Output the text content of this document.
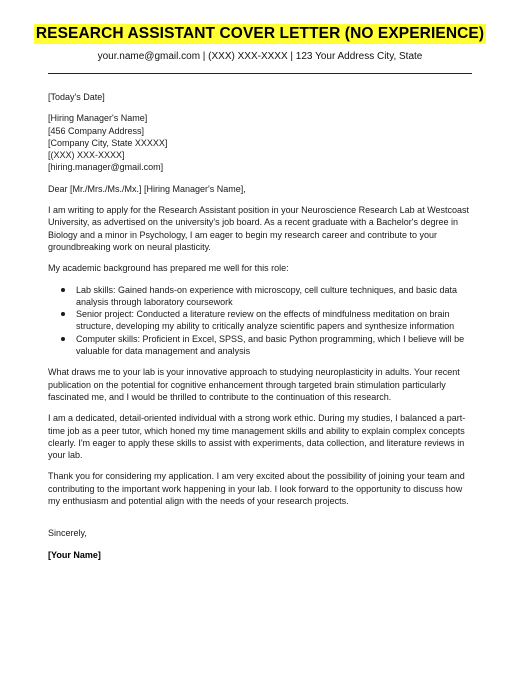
RESEARCH ASSISTANT COVER LETTER (NO EXPERIENCE)
your.name@gmail.com | (XXX) XXX-XXXX | 123 Your Address City, State

[Today's Date]

[Hiring Manager's Name]
[456 Company Address]
[Company City, State XXXXX]
[(XXX) XXX-XXXX]
[hiring.manager@gmail.com]

Dear [Mr./Mrs./Ms./Mx.] [Hiring Manager's Name],

I am writing to apply for the Research Assistant position in your Neuroscience Research Lab at Westcoast University, as advertised on the university's job board. As a recent graduate with a Bachelor's degree in Biology and a minor in Psychology, I am eager to begin my research career and contribute to your groundbreaking work on neural plasticity.

My academic background has prepared me well for this role:

Lab skills: Gained hands-on experience with microscopy, cell culture techniques, and basic data analysis through laboratory coursework
Senior project: Conducted a literature review on the effects of mindfulness meditation on brain structure, developing my ability to critically analyze scientific papers and synthesize information
Computer skills: Proficient in Excel, SPSS, and basic Python programming, which I believe will be valuable for data management and analysis

What draws me to your lab is your innovative approach to studying neuroplasticity in adults. Your recent publication on the potential for cognitive enhancement through targeted brain stimulation particularly fascinated me, and I would be thrilled to contribute to the continuation of this research.

I am a dedicated, detail-oriented individual with a strong work ethic. During my studies, I balanced a part-time job as a peer tutor, which honed my time management skills and ability to explain complex concepts clearly. I'm eager to apply these skills to assist with experiments, data collection, and literature reviews in your lab.

Thank you for considering my application. I am very excited about the possibility of joining your team and contributing to the important work happening in your lab. I look forward to the opportunity to discuss how my enthusiasm and potential align with the needs of your research projects.

Sincerely,

[Your Name]
